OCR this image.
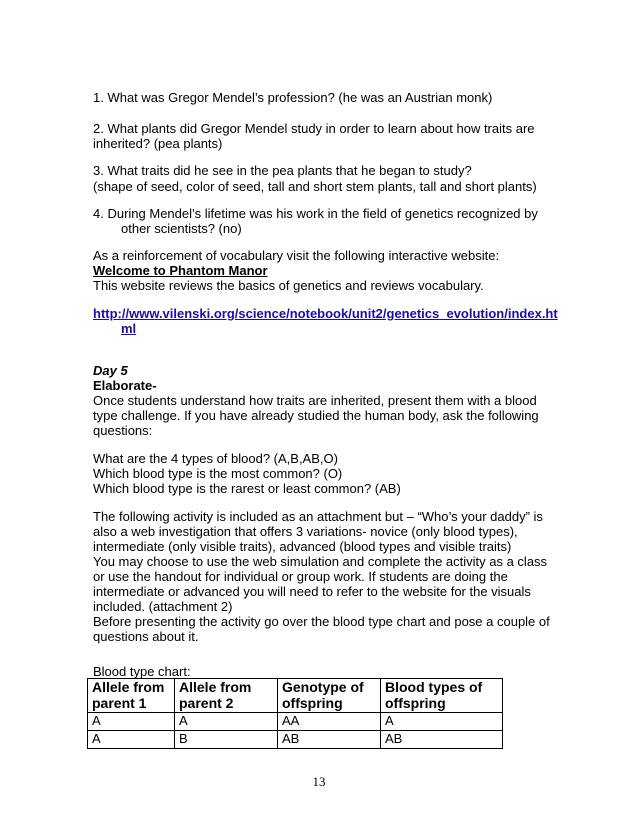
1. What was Gregor Mendel’s profession? (he was an Austrian monk)
2. What plants did Gregor Mendel study in order to learn about how traits are
inherited? (pea plants)
3. What traits did he see in the pea plants that he began to study?
(shape of seed, color of seed, tall and short stem plants, tall and short plants)
4. During Mendel’s lifetime was his work in the field of genetics recognized by
other scientists? (no)
As a reinforcement of vocabulary visit the following interactive website:
Welcome to Phantom Manor
This website reviews the basics of genetics and reviews vocabulary.
http://www.vilenski.org/science/notebook/unit2/genetics_evolution/index.ht
ml
Day 5
Elaborate-
Once students understand how traits are inherited, present them with a blood
type challenge. If you have already studied the human body, ask the following
questions:
What are the 4 types of blood? (A,B,AB,O)
Which blood type is the most common? (O)
Which blood type is the rarest or least common? (AB)
The following activity is included as an attachment but – “Who’s your daddy” is
also a web investigation that offers 3 variations- novice (only blood types),
intermediate (only visible traits), advanced (blood types and visible traits)
You may choose to use the web simulation and complete the activity as a class
or use the handout for individual or group work. If students are doing the
intermediate or advanced you will need to refer to the website for the visuals
included. (attachment 2)
Before presenting the activity go over the blood type chart and pose a couple of
questions about it.
Blood type chart:
Allele from
parent 1	Allele from
parent 2	Genotype of
offspring	Blood types of
offspring
A	A	AA	A
A	B	AB	AB
13
